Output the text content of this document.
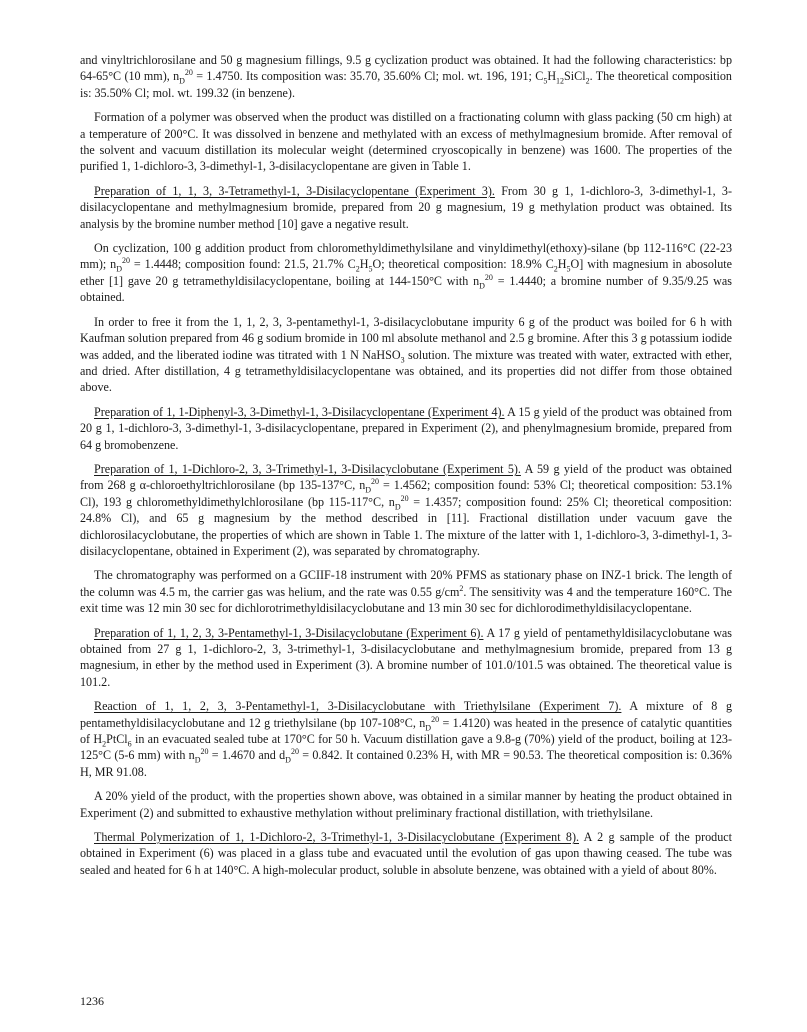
and vinyltrichlorosilane and 50 g magnesium fillings, 9.5 g cyclization product was obtained. It had the following characteristics: bp 64-65°C (10 mm), $n_D^{20} = 1.4750$. Its composition was: 35.70, 35.60% Cl; mol. wt. 196, 191; $C_5H_{12}SiCl_2$. The theoretical composition is: 35.50% Cl; mol. wt. 199.32 (in benzene).

Formation of a polymer was observed when the product was distilled on a fractionating column with glass packing (50 cm high) at a temperature of 200°C. It was dissolved in benzene and methylated with an excess of methylmagnesium bromide. After removal of the solvent and vacuum distillation its molecular weight (determined cryoscopically in benzene) was 1600. The properties of the purified 1, 1-dichloro-3, 3-dimethyl-1, 3-disilacyclopentane are given in Table 1.

Preparation of 1, 1, 3, 3-Tetramethyl-1, 3-Disilacyclopentane (Experiment 3). From 30 g 1, 1-dichloro-3, 3-dimethyl-1, 3-disilacyclopentane and methylmagnesium bromide, prepared from 20 g magnesium, 19 g methylation product was obtained. Its analysis by the bromine number method [10] gave a negative result.

On cyclization, 100 g addition product from chloromethyldimethylsilane and vinyldimethyl(ethoxy)-silane (bp 112-116°C (22-23 mm); $n_D^{20} = 1.4448$; composition found: 21.5, 21.7% $C_2H_5O$; theoretical composition: 18.9% $C_2H_5O$] with magnesium in abosolute ether [1] gave 20 g tetramethyldisilacyclopentane, boiling at 144-150°C with $n_D^{20} = 1.4440$; a bromine number of 9.35/9.25 was obtained.

In order to free it from the 1, 1, 2, 3, 3-pentamethyl-1, 3-disilacyclobutane impurity 6 g of the product was boiled for 6 h with Kaufman solution prepared from 46 g sodium bromide in 100 ml absolute methanol and 2.5 g bromine. After this 3 g potassium iodide was added, and the liberated iodine was titrated with 1 N NaHSO$_3$ solution. The mixture was treated with water, extracted with ether, and dried. After distillation, 4 g tetramethyldisilacyclopentane was obtained, and its properties did not differ from those obtained above.

Preparation of 1, 1-Diphenyl-3, 3-Dimethyl-1, 3-Disilacyclopentane (Experiment 4). A 15 g yield of the product was obtained from 20 g 1, 1-dichloro-3, 3-dimethyl-1, 3-disilacyclopentane, prepared in Experiment (2), and phenylmagnesium bromide, prepared from 64 g bromobenzene.

Preparation of 1, 1-Dichloro-2, 3, 3-Trimethyl-1, 3-Disilacyclobutane (Experiment 5). A 59 g yield of the product was obtained from 268 g α-chloroethyltrichlorosilane (bp 135-137°C, $n_D^{20} = 1.4562$; composition found: 53% Cl; theoretical composition: 53.1% Cl), 193 g chloromethyldimethylchlorosilane (bp 115-117°C, $n_D^{20} = 1.4357$; composition found: 25% Cl; theoretical composition: 24.8% Cl), and 65 g magnesium by the method described in [11]. Fractional distillation under vacuum gave the dichlorosilacyclobutane, the properties of which are shown in Table 1. The mixture of the latter with 1, 1-dichloro-3, 3-dimethyl-1, 3-disilacyclopentane, obtained in Experiment (2), was separated by chromatography.

The chromatography was performed on a GCIIF-18 instrument with 20% PFMS as stationary phase on INZ-1 brick. The length of the column was 4.5 m, the carrier gas was helium, and the rate was 0.55 $g/cm^2$. The sensitivity was 4 and the temperature 160°C. The exit time was 12 min 30 sec for dichlorotrimethyldisilacyclobutane and 13 min 30 sec for dichlorodimethyldisilacyclopentane.

Preparation of 1, 1, 2, 3, 3-Pentamethyl-1, 3-Disilacyclobutane (Experiment 6). A 17 g yield of pentamethyldisilacyclobutane was obtained from 27 g 1, 1-dichloro-2, 3, 3-trimethyl-1, 3-disilacyclobutane and methylmagnesium bromide, prepared from 13 g magnesium, in ether by the method used in Experiment (3). A bromine number of 101.0/101.5 was obtained. The theoretical value is 101.2.

Reaction of 1, 1, 2, 3, 3-Pentamethyl-1, 3-Disilacyclobutane with Triethylsilane (Experiment 7). A mixture of 8 g pentamethyldisilacyclobutane and 12 g triethylsilane (bp 107-108°C, $n_D^{20} = 1.4120$) was heated in the presence of catalytic quantities of $H_2PtCl_6$ in an evacuated sealed tube at 170°C for 50 h. Vacuum distillation gave a 9.8-g (70%) yield of the product, boiling at 123-125°C (5-6 mm) with $n_D^{20} = 1.4670$ and $d_D^{20} = 0.842$. It contained 0.23% H, with MR = 90.53. The theoretical composition is: 0.36% H, MR 91.08.

A 20% yield of the product, with the properties shown above, was obtained in a similar manner by heating the product obtained in Experiment (2) and submitted to exhaustive methylation without preliminary fractional distillation, with triethylsilane.

Thermal Polymerization of 1, 1-Dichloro-2, 3-Trimethyl-1, 3-Disilacyclobutane (Experiment 8). A 2 g sample of the product obtained in Experiment (6) was placed in a glass tube and evacuated until the evolution of gas upon thawing ceased. The tube was sealed and heated for 6 h at 140°C. A high-molecular product, soluble in absolute benzene, was obtained with a yield of about 80%.

1236
